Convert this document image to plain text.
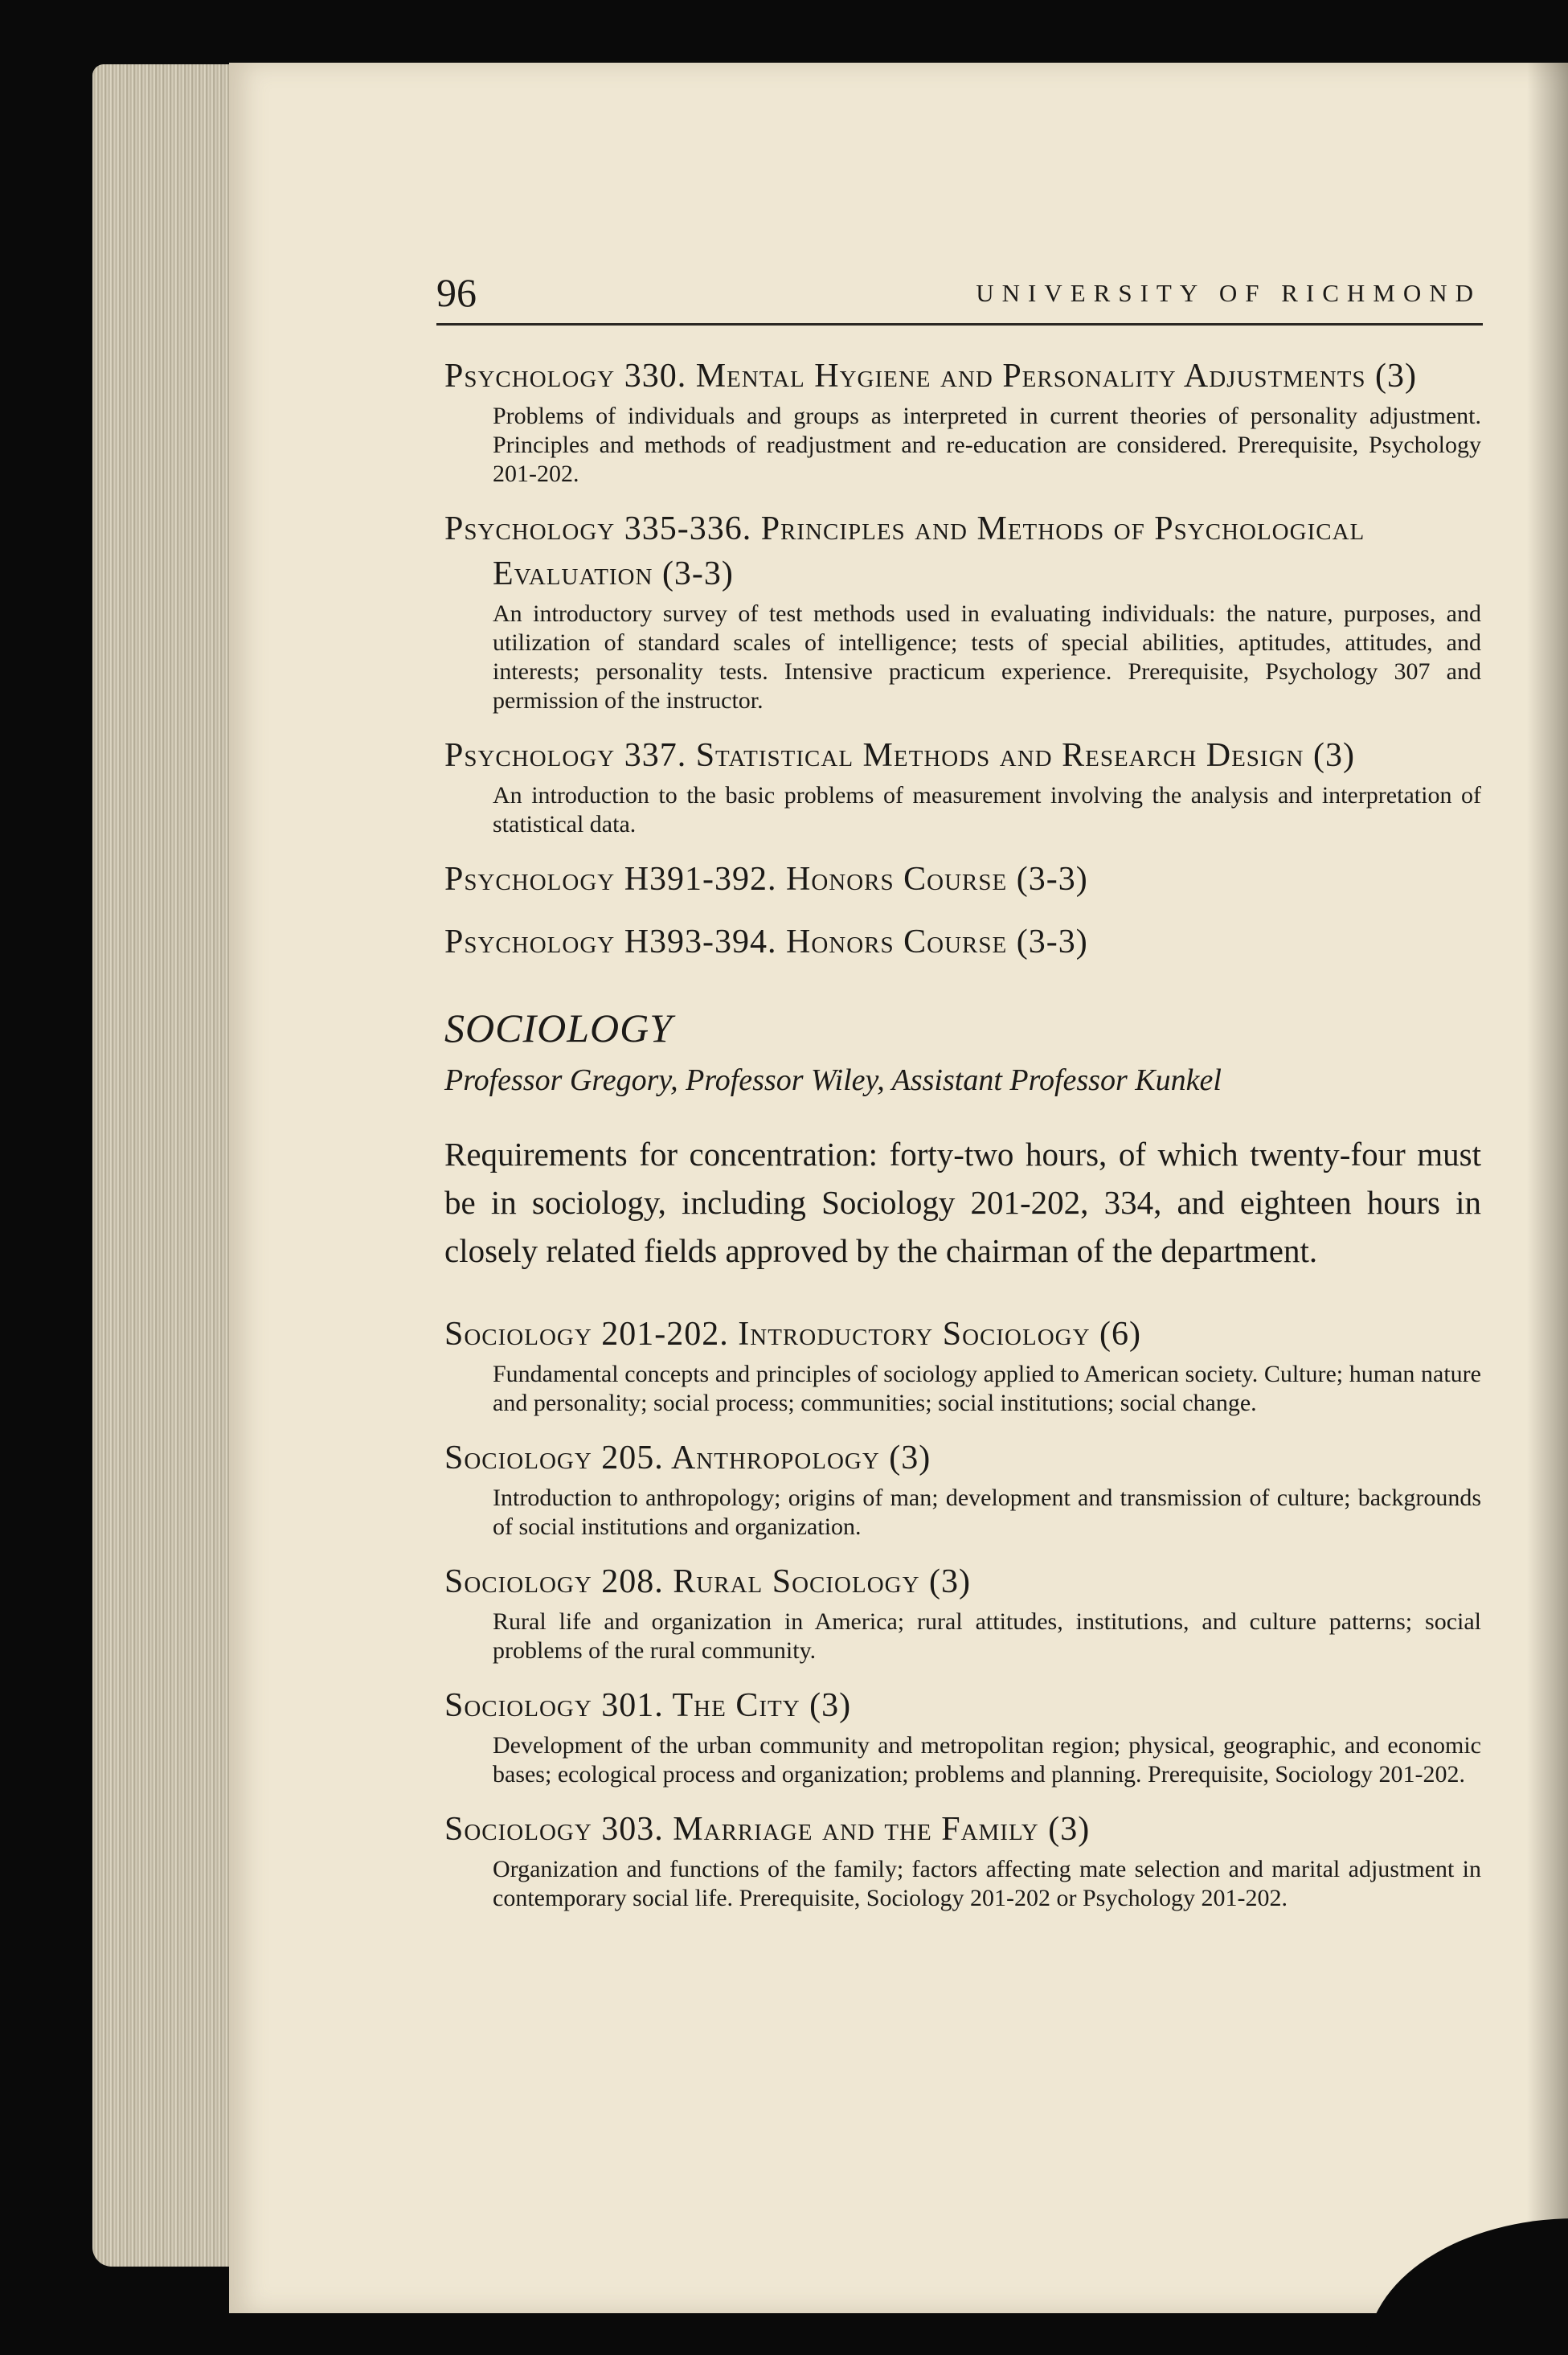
96	UNIVERSITY OF RICHMOND
Psychology 330. Mental Hygiene and Personality Adjustments (3)
Problems of individuals and groups as interpreted in current theories of personality adjustment. Principles and methods of readjustment and re-education are considered. Prerequisite, Psychology 201-202.
Psychology 335-336. Principles and Methods of Psychological Evaluation (3-3)
An introductory survey of test methods used in evaluating individuals: the nature, purposes, and utilization of standard scales of intelligence; tests of special abilities, aptitudes, attitudes, and interests; personality tests. Intensive practicum experience. Prerequisite, Psychology 307 and permission of the instructor.
Psychology 337. Statistical Methods and Research Design (3)
An introduction to the basic problems of measurement involving the analysis and interpretation of statistical data.
Psychology H391-392. Honors Course (3-3)
Psychology H393-394. Honors Course (3-3)
SOCIOLOGY
Professor Gregory, Professor Wiley, Assistant Professor Kunkel
Requirements for concentration: forty-two hours, of which twenty-four must be in sociology, including Sociology 201-202, 334, and eighteen hours in closely related fields approved by the chairman of the department.
Sociology 201-202. Introductory Sociology (6)
Fundamental concepts and principles of sociology applied to American society. Culture; human nature and personality; social process; communities; social institutions; social change.
Sociology 205. Anthropology (3)
Introduction to anthropology; origins of man; development and transmission of culture; backgrounds of social institutions and organization.
Sociology 208. Rural Sociology (3)
Rural life and organization in America; rural attitudes, institutions, and culture patterns; social problems of the rural community.
Sociology 301. The City (3)
Development of the urban community and metropolitan region; physical, geographic, and economic bases; ecological process and organization; problems and planning. Prerequisite, Sociology 201-202.
Sociology 303. Marriage and the Family (3)
Organization and functions of the family; factors affecting mate selection and marital adjustment in contemporary social life. Prerequisite, Sociology 201-202 or Psychology 201-202.
